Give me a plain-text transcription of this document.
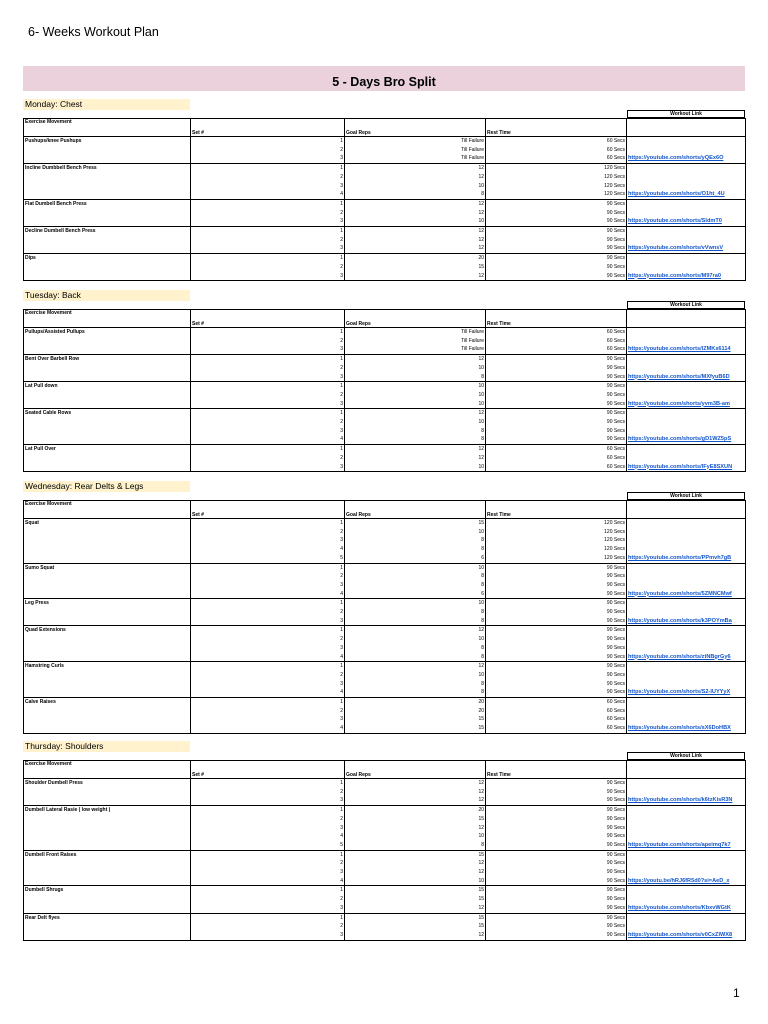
6- Weeks Workout Plan
5 - Days Bro Split
Monday: Chest
Workout Link
Exercise Movement	Set #	Goal Reps	Rest Time	
Pushups/knee Pushups	1	Till Failure	60 Secs	
	2	Till Failure	60 Secs	
	3	Till Failure	60 Secs	https://youtube.com/shorts/yQEx6O
Incline Dumbbell Bench Press	1	12	120 Secs	
	2	12	120 Secs	
	3	10	120 Secs	
	4	8	120 Secs	https://youtube.com/shorts/O1ht_4U
Flat Dumbell Bench Press	1	12	90 Secs	
	2	12	90 Secs	
	3	10	90 Secs	https://youtube.com/shorts/SldmT0
Decline Dumbell Bench Press	1	12	90 Secs	
	2	12	90 Secs	
	3	12	90 Secs	https://youtube.com/shorts/vVwnsV
Dips	1	20	90 Secs	
	2	15	90 Secs	
	3	12	90 Secs	https://youtube.com/shorts/M97ra0
Tuesday: Back
Workout Link
Exercise Movement	Set #	Goal Reps	Rest Time	
Pullups/Assisted Pullups	1	Till Failure	60 Secs	
	2	Till Failure	60 Secs	
	3	Till Failure	60 Secs	https://youtube.com/shorts/lZMKs6114
Bent Over Barbell Row	1	12	90 Secs	
	2	10	90 Secs	
	3	8	90 Secs	https://youtube.com/shorts/MXfyuB6D
Lat Pull down	1	10	90 Secs	
	2	10	90 Secs	
	3	10	90 Secs	https://youtube.com/shorts/yvm3B-am
Seated Cable Rows	1	12	90 Secs	
	2	10	90 Secs	
	3	8	90 Secs	
	4	8	90 Secs	https://youtube.com/shorts/gD1WZ5pS
Lat Pull Over	1	12	60 Secs	
	2	12	60 Secs	
	3	10	60 Secs	https://youtube.com/shorts/lFyE8SXUN
Wednesday: Rear Delts & Legs
Workout Link
Exercise Movement	Set #	Goal Reps	Rest Time	
Squat	1	15	120 Secs	
	2	10	120 Secs	
	3	8	120 Secs	
	4	8	120 Secs	
	5	6	120 Secs	https://youtube.com/shorts/PPmvh7gB
Sumo Squat	1	10	90 Secs	
	2	8	90 Secs	
	3	8	90 Secs	
	4	6	90 Secs	https://youtube.com/shorts/5ZMNCMwf
Leg Press	1	10	90 Secs	
	2	8	90 Secs	
	3	8	90 Secs	https://youtube.com/shorts/k3POYmBa
Quad Extensions	1	12	90 Secs	
	2	10	90 Secs	
	3	8	90 Secs	
	4	8	90 Secs	https://youtube.com/shorts/ztNBgrGy6
Hamstring Curls	1	12	90 Secs	
	2	10	90 Secs	
	3	8	90 Secs	
	4	8	90 Secs	https://youtube.com/shorts/S2-lUYYyX
Calve Raises	1	20	60 Secs	
	2	20	60 Secs	
	3	15	60 Secs	
	4	15	60 Secs	https://youtube.com/shorts/sX6DoHBX
Thursday: Shoulders
Workout Link
Exercise Movement	Set #	Goal Reps	Rest Time	
Shoulder Dumbell Press	1	12	90 Secs	
	2	12	90 Secs	
	3	12	90 Secs	https://youtube.com/shorts/k6tzKisR3N
Dumbell Lateral Rasie ( low weight )	1	20	90 Secs	
	2	15	90 Secs	
	3	12	90 Secs	
	4	10	90 Secs	
	5	8	90 Secs	https://youtube.com/shorts/apeimq7k7
Dumbell Front Raises	1	15	90 Secs	
	2	12	90 Secs	
	3	12	90 Secs	
	4	10	90 Secs	https://youtu.be/hRJ6fR5d0?si=AeD_x
Dumbell Shrugs	1	15	90 Secs	
	2	15	90 Secs	
	3	12	90 Secs	https://youtube.com/shorts/KbxvWGtK
Rear Delt flyes	1	15	90 Secs	
	2	15	90 Secs	
	3	12	90 Secs	https://youtube.com/shorts/v0CxZlWX8
1
